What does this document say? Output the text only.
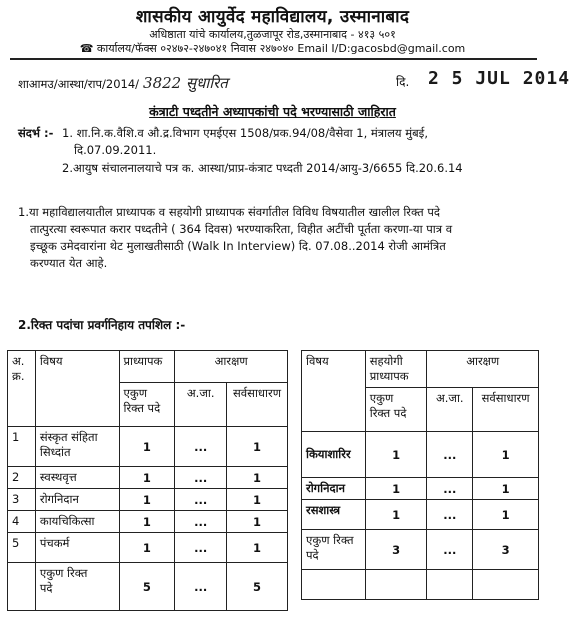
शासकीय आयुर्वेद महाविद्यालय, उस्मानाबाद
अधिष्ठाता यांचे कार्यालय,तुळजापूर रोड,उस्मानाबाद - ४१३ ५०१
☎ कार्यालय/फॅक्स ०२४७२-२४७०४१ निवास २४७०४० Email I/D:gacosbd@gmail.com
शाआमउ/आस्था/राप/2014/ 3822 सुधारित	दि. 2 5 JUL 2014
कंत्राटी पध्दतीने अध्यापकांची पदे भरण्यासाठी जाहिरात
संदर्भ :- 1. शा.नि.क.वैशि.व औ.द्र.विभाग एमईएस 1508/प्रक.94/08/वैसेवा 1, मंत्रालय मुंबई,
दि.07.09.2011.
2.आयुष संचालनालयाचे पत्र क. आस्था/प्राप्र-कंत्राट पध्दती 2014/आयु-3/6655 दि.20.6.14
1.या महाविद्यालयातील प्राध्यापक व सहयोगी प्राध्यापक संवर्गातील विविध विषयातील खालील रिक्त पदे
तात्पुरत्या स्वरूपात करार पध्दतीने ( 364 दिवस) भरण्याकरिता, विहीत अटींची पूर्तता करणा-या पात्र व
इच्छूक उमेदवारांना थेट मुलाखतीसाठी (Walk In Interview) दि. 07.08..2014 रोजी आमंत्रित
करण्यात येत आहे.
2.रिक्त पदांचा प्रवर्गनिहाय तपशिल :-
अ.
क्र.	विषय	प्राध्यापक	आरक्षण	

		एकुण
रिक्त पदे	अ.जा.	सर्वसाधारण
1	संस्कृत संहिता
सिध्दांत	1	...	1
2	स्वस्थवृत्त	1	...	1
3	रोगनिदान	1	...	1
4	कायचिकित्सा	1	...	1
5	पंचकर्म	1	...	1

	एकुण रिक्त
पदे	5	...	5
विषय	सहयोगी
प्राध्यापक	आरक्षण	

	एकुण
रिक्त पदे	अ.जा.	सर्वसाधारण
कियाशारिर	1	...	1
रोगनिदान	1	...	1
रसशास्त्र	1	...	1

एकुण रिक्त
पदे	3	...	3
